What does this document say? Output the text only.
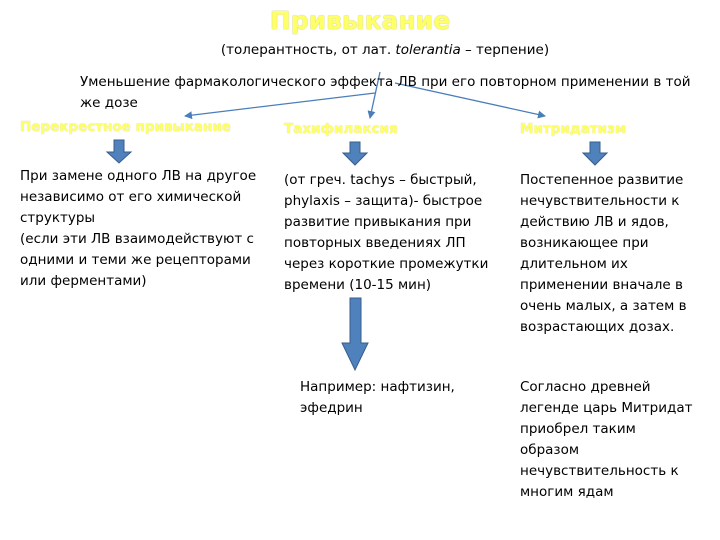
Привыкание
(толерантность, от лат. tolerantia – терпение)
Уменьшение фармакологического эффекта ЛВ при его повторном применении в той же дозе
Перекрестное привыкание
При замене одного ЛВ на другое независимо от его химической структуры
(если эти ЛВ взаимодействуют с одними и теми же рецепторами или ферментами)
Тахифилаксия
(от греч. tachys – быстрый, phylaxis – защита)- быстрое развитие привыкания при повторных введениях ЛП через короткие промежутки времени (10-15 мин)
Например: нафтизин, эфедрин
Митридатизм
Постепенное развитие нечувствительности к действию ЛВ и ядов, возникающее при длительном их применении вначале в очень малых, а затем в возрастающих дозах.
Согласно древней легенде царь Митридат приобрел таким образом нечувствительность к многим ядам
